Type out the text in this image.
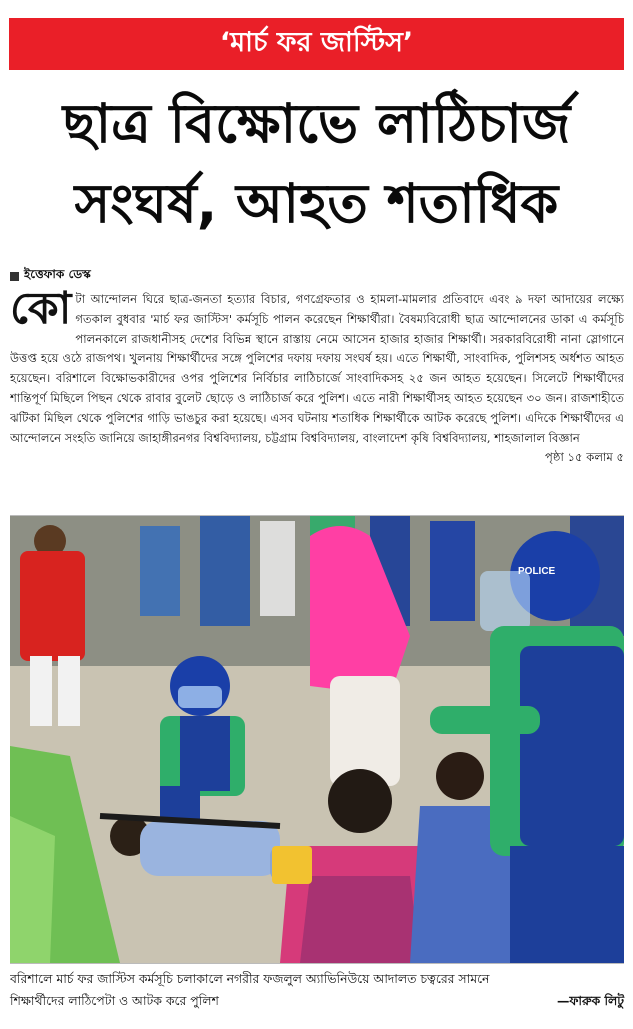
‘মার্চ ফর জাস্টিস’
ছাত্র বিক্ষোভে লাঠিচার্জ
সংঘর্ষ, আহত শতাধিক
ইত্তেফাক ডেস্ক
কোটা আন্দোলন ঘিরে ছাত্র-জনতা হত্যার বিচার, গণগ্রেফতার ও হামলা-মামলার প্রতিবাদে এবং ৯ দফা আদায়ের লক্ষ্যে গতকাল বুধবার 'মার্চ ফর জাস্টিস' কর্মসূচি পালন করেছেন শিক্ষার্থীরা। বৈষম্যবিরোধী ছাত্র আন্দোলনের ডাকা এ কর্মসূচি পালনকালে রাজধানীসহ দেশের বিভিন্ন স্থানে রাস্তায় নেমে আসেন হাজার হাজার শিক্ষার্থী। সরকারবিরোধী নানা স্লোগানে উত্তপ্ত হয়ে ওঠে রাজপথ। খুলনায় শিক্ষার্থীদের সঙ্গে পুলিশের দফায় দফায় সংঘর্ষ হয়। এতে শিক্ষার্থী, সাংবাদিক, পুলিশসহ অর্ধশত আহত হয়েছেন। বরিশালে বিক্ষোভকারীদের ওপর পুলিশের নির্বিচার লাঠিচার্জে সাংবাদিকসহ ২৫ জন আহত হয়েছেন। সিলেটে শিক্ষার্থীদের শান্তিপূর্ণ মিছিলে পিছন থেকে রাবার বুলেট ছোড়ে ও লাঠিচার্জ করে পুলিশ। এতে নারী শিক্ষার্থীসহ আহত হয়েছেন ৩০ জন। রাজশাহীতে ঝটিকা মিছিল থেকে পুলিশের গাড়ি ভাঙচুর করা হয়েছে। এসব ঘটনায় শতাধিক শিক্ষার্থীকে আটক করেছে পুলিশ। এদিকে শিক্ষার্থীদের এ আন্দোলনে সংহতি জানিয়ে জাহাঙ্গীরনগর বিশ্ববিদ্যালয়, চট্টগ্রাম বিশ্ববিদ্যালয়, বাংলাদেশ কৃষি বিশ্ববিদ্যালয়, শাহজালাল বিজ্ঞান
পৃষ্ঠা ১৫ কলাম ৫
POLICE
বরিশালে মার্চ ফর জাস্টিস কর্মসূচি চলাকালে নগরীর ফজলুল অ্যাভিনিউয়ে আদালত চত্বরের সামনে
শিক্ষার্থীদের লাঠিপেটা ও আটক করে পুলিশ	—ফারুক লিটু
